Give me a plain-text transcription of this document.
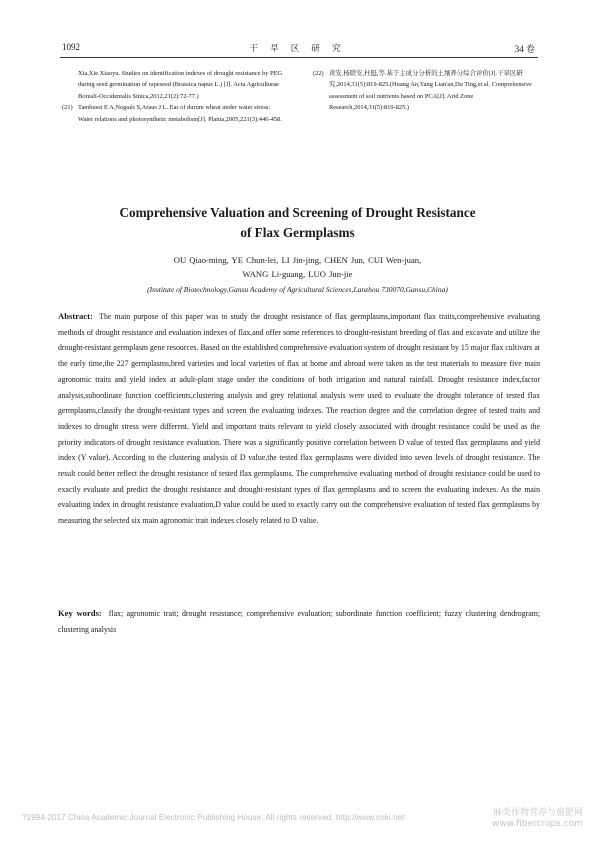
1092	干 旱 区 研 究	34 卷

Xia,Xie Xiaoyu. Studies on identification indexes of drought resistance by PEG during seed germination of rapeseed (Brassica napus L.) [J]. Acta Agriculturae Boreali-Occidentalis Sinica,2012,21(2):72-77.)

(21) Tambussi E A,Nogués S,Araus J L. Ear of durum wheat under water stress: Water relations and photosynthetic metabolism[J]. Planta,2005,221(3):446-458.

(22) 黄安,杨联安,杜挺,等.基于主成分分析的土壤养分综合评价[J].干旱区研究,2014,31(5):819-825.(Huang An,Yang Lian'an,Du Ting,et al. Comprehensive assessment of soil nutrients based on PCA[J]. Arid Zone Research,2014,31(5):819-825.)

Comprehensive Valuation and Screening of Drought Resistance
of Flax Germplasms
OU Qiao-ming, YE Chun-lei, LI Jin-jing, CHEN Jun, CUI Wen-juan,
WANG Li-guang, LUO Jun-jie
(Institute of Biotechnology,Gansu Academy of Agricultural Sciences,Lanzhou 730070,Gansu,China)

Abstract: The main purpose of this paper was to study the drought resistance of flax germplasms,important flax traits,comprehensive evaluating methods of drought resistance and evaluation indexes of flax,and offer some references to drought-resistant breeding of flax and excavate and utilize the drought-resistant germplasm gene resources. Based on the established comprehensive evaluation system of drought resistant by 15 major flax cultivars at the early time,the 227 germplasms,bred varieties and local varieties of flax at home and abroad were taken as the test materials to measure five main agronomic traits and yield index at adult-plant stage under the conditions of both irrigation and natural rainfall. Drought resistance index,factor analysis,subordinate function coefficients,clustering analysis and grey relational analysis were used to evaluate the drought tolerance of tested flax germplasms,classify the drought-resistant types and screen the evaluating indexes. The reaction degree and the correlation degree of tested traits and indexes to drought stress were different. Yield and important traits relevant to yield closely associated with drought resistance could be used as the priority indicators of drought resistance evaluation. There was a significantly positive correlation between D value of tested flax germplasms and yield index (Y value). According to the clustering analysis of D value,the tested flax germplasms were divided into seven levels of drought resistance. The result could better reflect the drought resistance of tested flax germplasms. The comprehensive evaluating method of drought resistance could be used to exactly evaluate and predict the drought resistance and drought-resistant types of flax germplasms and to screen the evaluating indexes. As the main evaluating index in drought resistance evaluation,D value could be used to exactly carry out the comprehensive evaluation of tested flax germplasms by measuring the selected six main agronomic trait indexes closely related to D value.

Key words: flax; agronomic trait; drought resistance; comprehensive evaluation; subordinate function coefficient; fuzzy clustering dendrogram; clustering analysis

?1994-2017 China Academic Journal Electronic Publishing House. All rights reserved. http://www.cnki.net	麻类作物营养与施肥网
www.fibercrops.com
